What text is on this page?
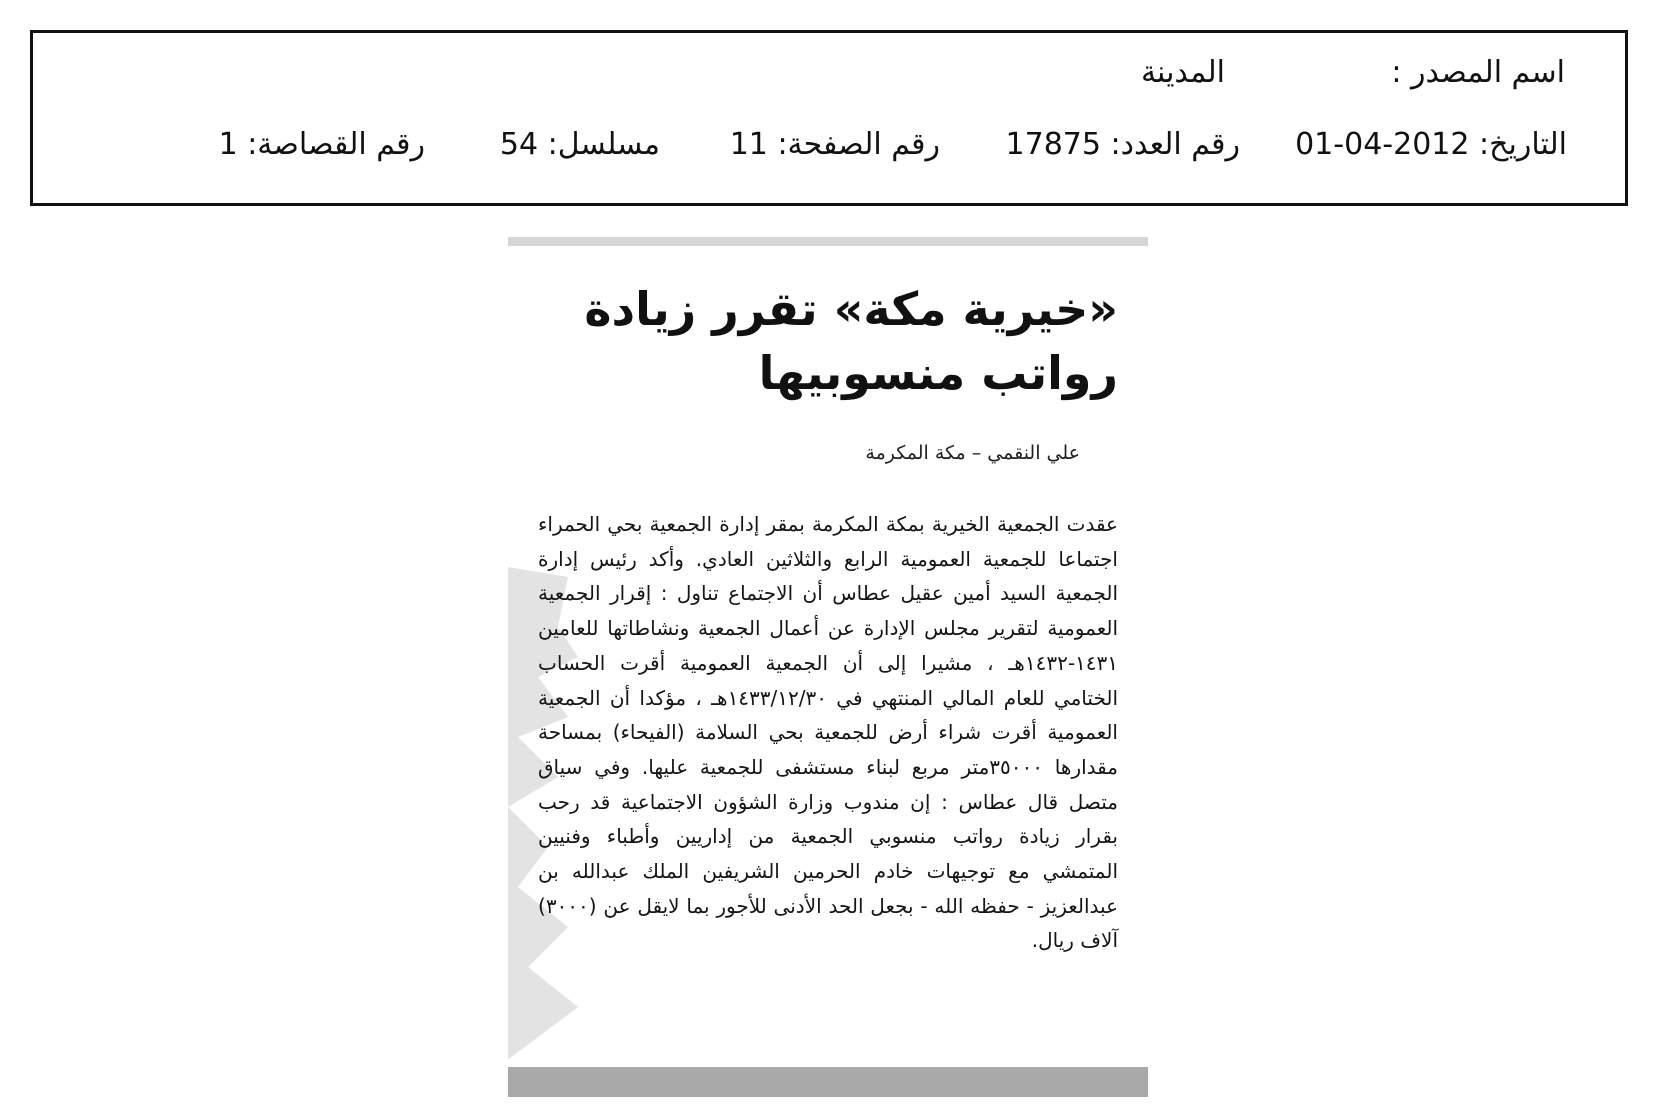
اسم المصدر :
المدينة
التاريخ: 2012-04-01
رقم العدد: 17875
رقم الصفحة: 11
مسلسل: 54
رقم القصاصة: 1
«خيرية مكة» تقرر زيادة رواتب منسوبيها
علي النقمي – مكة المكرمة
عقدت الجمعية الخيرية بمكة المكرمة بمقر إدارة الجمعية بحي الحمراء اجتماعا للجمعية العمومية الرابع والثلاثين العادي. وأكد رئيس إدارة الجمعية السيد أمين عقيل عطاس أن الاجتماع تناول : إقرار الجمعية العمومية لتقرير مجلس الإدارة عن أعمال الجمعية ونشاطاتها للعامين ١٤٣١-١٤٣٢هـ ، مشيرا إلى أن الجمعية العمومية أقرت الحساب الختامي للعام المالي المنتهي في ١٤٣٣/١٢/٣٠هـ ، مؤكدا أن الجمعية العمومية أقرت شراء أرض للجمعية بحي السلامة (الفيحاء) بمساحة مقدارها ٣٥٠٠٠متر مربع لبناء مستشفى للجمعية عليها. وفي سياق متصل قال عطاس : إن مندوب وزارة الشؤون الاجتماعية قد رحب بقرار زيادة رواتب منسوبي الجمعية من إداريين وأطباء وفنيين المتمشي مع توجيهات خادم الحرمين الشريفين الملك عبدالله بن عبدالعزيز - حفظه الله - بجعل الحد الأدنى للأجور بما لايقل عن (٣٠٠٠) آلاف ريال.
